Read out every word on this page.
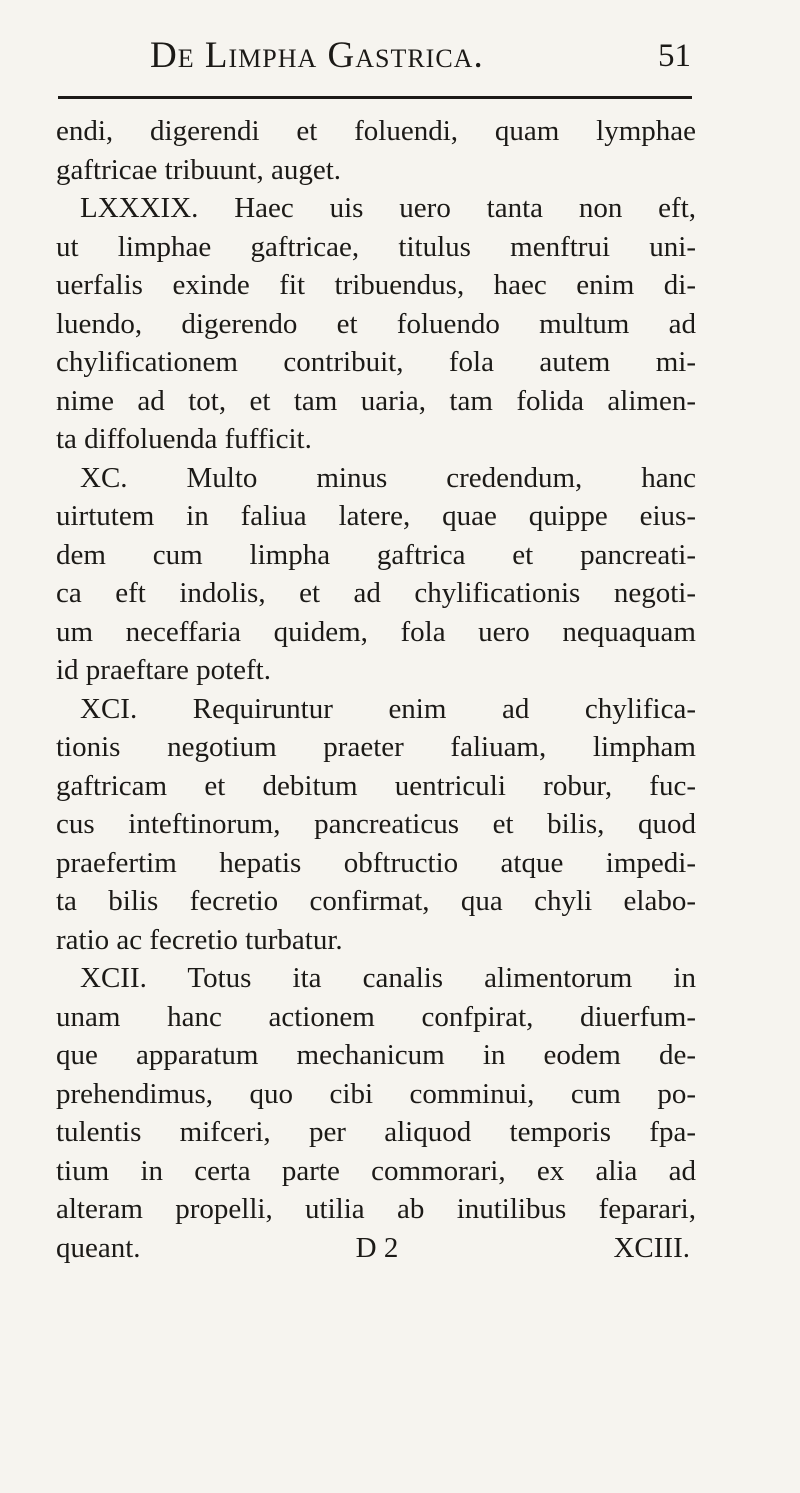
De Limpha Gastrica.	51
endi, digerendi et foluendi, quam lymphae
gaftricae tribuunt, auget.
LXXXIX. Haec uis uero tanta non eft,
ut limphae gaftricae, titulus menftrui uni-
uerfalis exinde fit tribuendus, haec enim di-
luendo, digerendo et foluendo multum ad
chylificationem contribuit, fola autem mi-
nime ad tot, et tam uaria, tam folida alimen-
ta diffoluenda fufficit.
XC. Multo minus credendum, hanc
uirtutem in faliua latere, quae quippe eius-
dem cum limpha gaftrica et pancreati-
ca eft indolis, et ad chylificationis negoti-
um neceffaria quidem, fola uero nequaquam
id praeftare poteft.
XCI. Requiruntur enim ad chylifica-
tionis negotium praeter faliuam, limpham
gaftricam et debitum uentriculi robur, fuc-
cus inteftinorum, pancreaticus et bilis, quod
praefertim hepatis obftructio atque impedi-
ta bilis fecretio confirmat, qua chyli elabo-
ratio ac fecretio turbatur.
XCII. Totus ita canalis alimentorum in
unam hanc actionem confpirat, diuerfum-
que apparatum mechanicum in eodem de-
prehendimus, quo cibi comminui, cum po-
tulentis mifceri, per aliquod temporis fpa-
tium in certa parte commorari, ex alia ad
alteram propelli, utilia ab inutilibus feparari,
queant.	D 2	XCIII.
